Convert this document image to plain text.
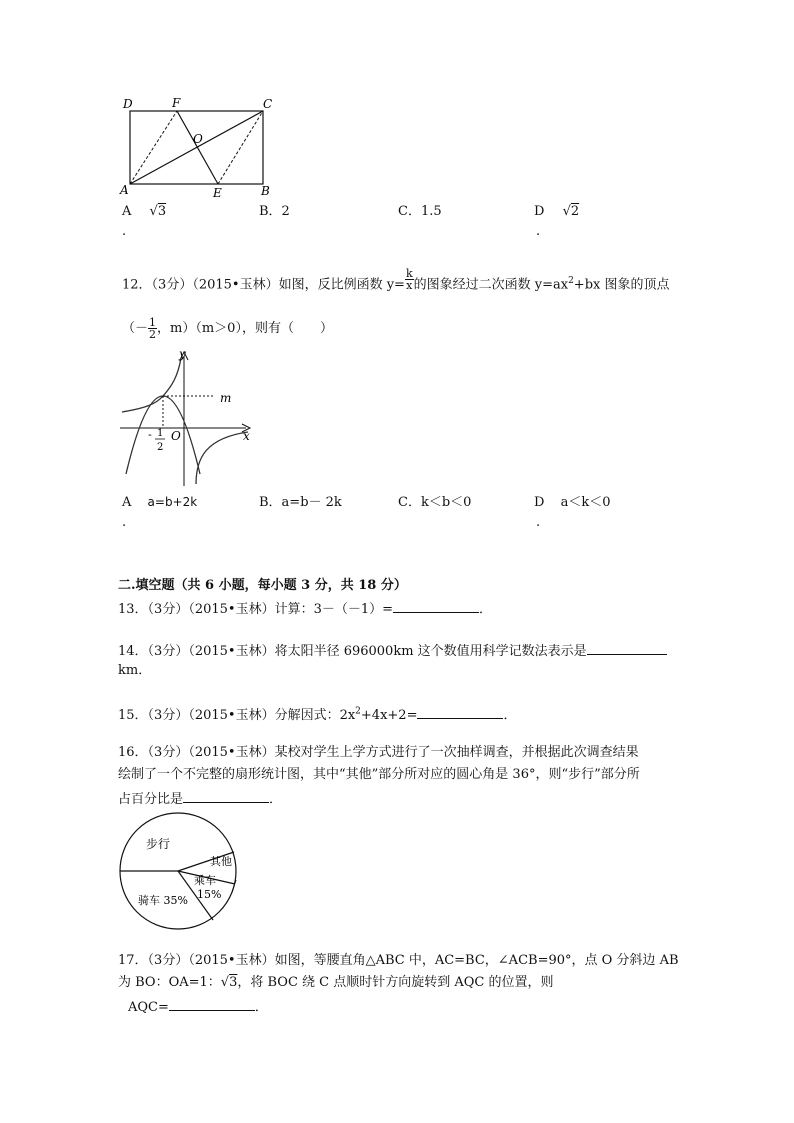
D	F	C
O
A	E	B
A √3	B．2	C．1.5	D √2
.	.
12．（3分）（2015•玉林）如图，反比例函数 $y= \frac{k}{x}$ 的图象经过二次函数 $y=ax^2+bx$ 图象的顶点
（－ $\frac{1}{2}$ ，m）（m＞0），则有（　　）
y
m
x
O
- 1
2
A a=b+2k	B．a=b－ 2k	C．k＜b＜0	D a＜k＜0
.	.
二.填空题（共 6 小题，每小题 3 分，共 18 分）
13．（3分）（2015•玉林）计算：3－（－1）=	．
14．（3分）（2015•玉林）将太阳半径 696000km 这个数值用科学记数法表示是
km．
15．（3分）（2015•玉林）分解因式：$2x^2+4x+2=$	．
16．（3分）（2015•玉林）某校对学生上学方式进行了一次抽样调查，并根据此次调查结果
绘制了一个不完整的扇形统计图，其中“其他”部分所对应的圆心角是 36°，则“步行”部分所
占百分比是	．
步行
其他
乘车
15%
骑车 35%
17．（3分）（2015•玉林）如图，等腰直角△ABC 中，AC=BC，∠ACB=90°，点 O 分斜边 AB
为 BO：OA=1：√3，将 BOC 绕 C 点顺时针方向旋转到 AQC 的位置，则
AQC=	．
